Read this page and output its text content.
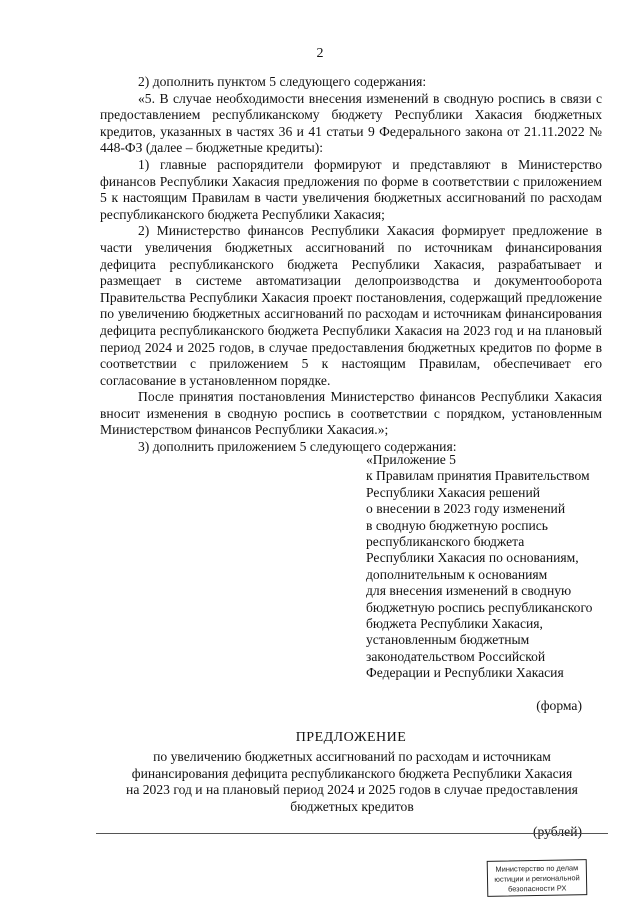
2

2) дополнить пунктом 5 следующего содержания:

«5. В случае необходимости внесения изменений в сводную роспись в связи с предоставлением республиканскому бюджету Республики Хакасия бюджетных кредитов, указанных в частях 36 и 41 статьи 9 Федерального закона от 21.11.2022 № 448-ФЗ (далее – бюджетные кредиты):

1) главные распорядители формируют и представляют в Министерство финансов Республики Хакасия предложения по форме в соответствии с приложением 5 к настоящим Правилам в части увеличения бюджетных ассигнований по расходам республиканского бюджета Республики Хакасия;

2) Министерство финансов Республики Хакасия формирует предложение в части увеличения бюджетных ассигнований по источникам финансирования дефицита республиканского бюджета Республики Хакасия, разрабатывает и размещает в системе автоматизации делопроизводства и документооборота Правительства Республики Хакасия проект постановления, содержащий предложение по увеличению бюджетных ассигнований по расходам и источникам финансирования дефицита республиканского бюджета Республики Хакасия на 2023 год и на плановый период 2024 и 2025 годов, в случае предоставления бюджетных кредитов по форме в соответствии с приложением 5 к настоящим Правилам, обеспечивает его согласование в установленном порядке.

После принятия постановления Министерство финансов Республики Хакасия вносит изменения в сводную роспись в соответствии с порядком, установленным Министерством финансов Республики Хакасия.»;

3) дополнить приложением 5 следующего содержания:

«Приложение 5
к Правилам принятия Правительством
Республики Хакасия решений
о внесении в 2023 году изменений
в сводную бюджетную роспись
республиканского бюджета
Республики Хакасия по основаниям,
дополнительным к основаниям
для внесения изменений в сводную
бюджетную роспись республиканского
бюджета Республики Хакасия,
установленным бюджетным
законодательством Российской
Федерации и Республики Хакасия
(форма)
ПРЕДЛОЖЕНИЕ
по увеличению бюджетных ассигнований по расходам и источникам
финансирования дефицита республиканского бюджета Республики Хакасия
на 2023 год и на плановый период 2024 и 2025 годов в случае предоставления
бюджетных кредитов
(рублей)
Министерство по делам
юстиции и региональной
безопасности РХ
